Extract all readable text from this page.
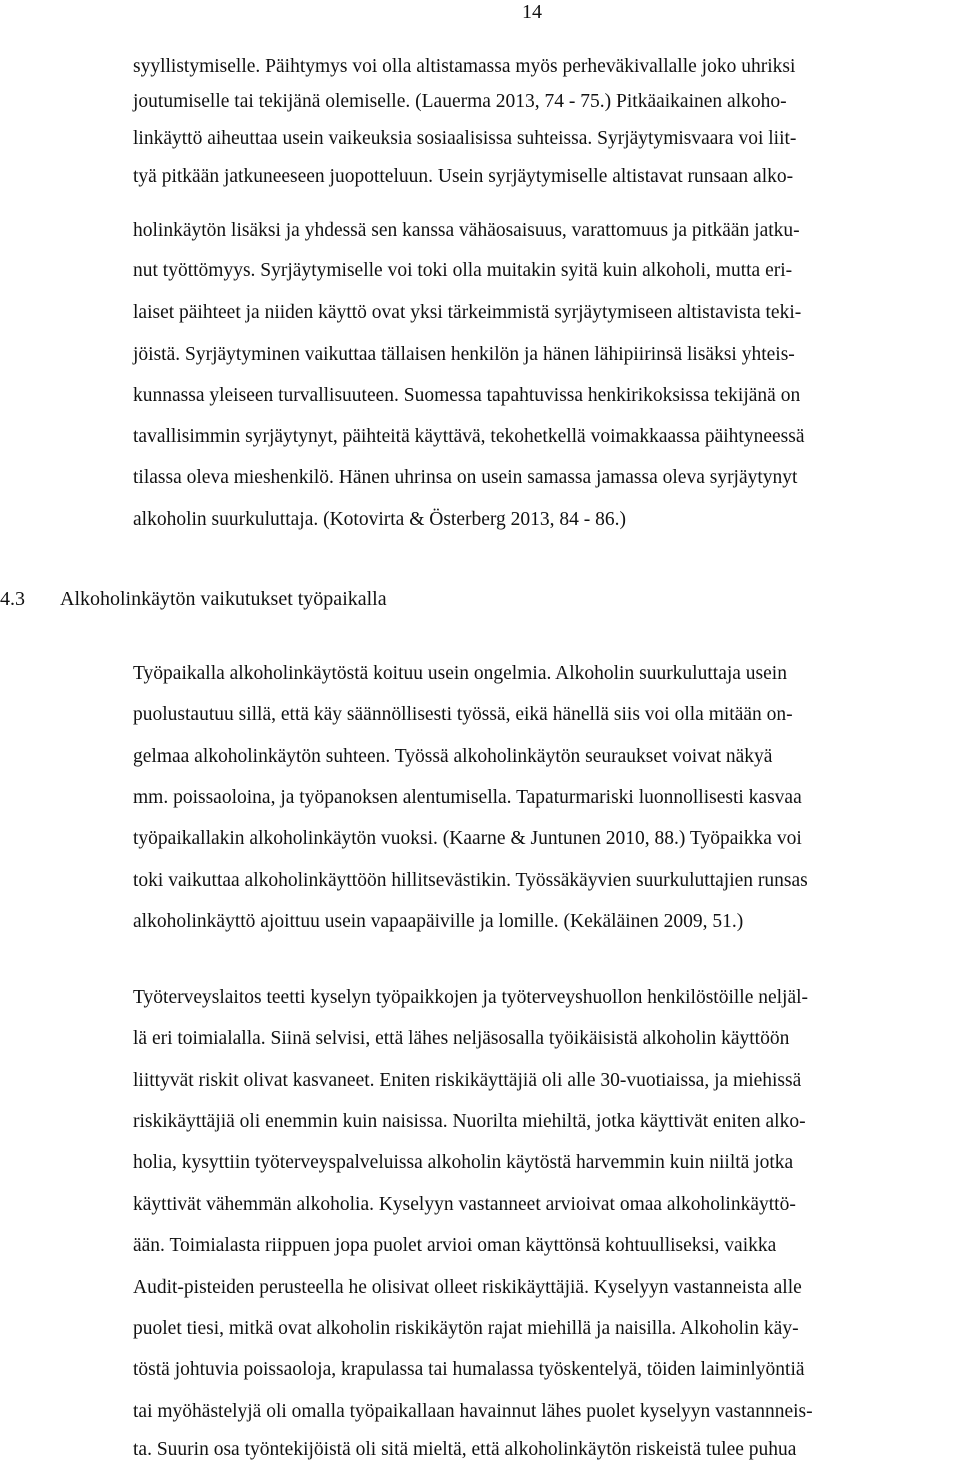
14

syyllistymiselle. Päihtymys voi olla altistamassa myös perheväkivallalle joko uhriksi

joutumiselle tai tekijänä olemiselle. (Lauerma 2013, 74 - 75.) Pitkäaikainen alkoho-

linkäyttö aiheuttaa usein vaikeuksia sosiaalisissa suhteissa. Syrjäytymisvaara voi liit-

tyä pitkään jatkuneeseen juopotteluun. Usein syrjäytymiselle altistavat runsaan alko-

holinkäytön lisäksi ja yhdessä sen kanssa vähäosaisuus, varattomuus ja pitkään jatku-

nut työttömyys. Syrjäytymiselle voi toki olla muitakin syitä kuin alkoholi, mutta eri-

laiset päihteet ja niiden käyttö ovat yksi tärkeimmistä syrjäytymiseen altistavista teki-

jöistä. Syrjäytyminen vaikuttaa tällaisen henkilön ja hänen lähipiirinsä lisäksi yhteis-

kunnassa yleiseen turvallisuuteen. Suomessa tapahtuvissa henkirikoksissa tekijänä on

tavallisimmin syrjäytynyt, päihteitä käyttävä, tekohetkellä voimakkaassa päihtyneessä

tilassa oleva mieshenkilö. Hänen uhrinsa on usein samassa jamassa oleva syrjäytynyt

alkoholin suurkuluttaja. (Kotovirta & Österberg 2013, 84 - 86.)

4.3 Alkoholinkäytön vaikutukset työpaikalla

Työpaikalla alkoholinkäytöstä koituu usein ongelmia. Alkoholin suurkuluttaja usein

puolustautuu sillä, että käy säännöllisesti työssä, eikä hänellä siis voi olla mitään on-

gelmaa alkoholinkäytön suhteen. Työssä alkoholinkäytön seuraukset voivat näkyä

mm. poissaoloina, ja työpanoksen alentumisella. Tapaturmariski luonnollisesti kasvaa

työpaikallakin alkoholinkäytön vuoksi. (Kaarne & Juntunen 2010, 88.) Työpaikka voi

toki vaikuttaa alkoholinkäyttöön hillitsevästikin. Työssäkäyvien suurkuluttajien runsas

alkoholinkäyttö ajoittuu usein vapaapäiville ja lomille. (Kekäläinen 2009, 51.)

Työterveyslaitos teetti kyselyn työpaikkojen ja työterveyshuollon henkilöstöille neljäl-

lä eri toimialalla. Siinä selvisi, että lähes neljäsosalla työikäisistä alkoholin käyttöön

liittyvät riskit olivat kasvaneet. Eniten riskikäyttäjiä oli alle 30-vuotiaissa, ja miehissä

riskikäyttäjiä oli enemmin kuin naisissa. Nuorilta miehiltä, jotka käyttivät eniten alko-

holia, kysyttiin työterveyspalveluissa alkoholin käytöstä harvemmin kuin niiltä jotka

käyttivät vähemmän alkoholia. Kyselyyn vastanneet arvioivat omaa alkoholinkäyttö-

ään. Toimialasta riippuen jopa puolet arvioi oman käyttönsä kohtuulliseksi, vaikka

Audit-pisteiden perusteella he olisivat olleet riskikäyttäjiä. Kyselyyn vastanneista alle

puolet tiesi, mitkä ovat alkoholin riskikäytön rajat miehillä ja naisilla. Alkoholin käy-

töstä johtuvia poissaoloja, krapulassa tai humalassa työskentelyä, töiden laiminlyöntiä

tai myöhästelyjä oli omalla työpaikallaan havainnut lähes puolet kyselyyn vastannneis-

ta. Suurin osa työntekijöistä oli sitä mieltä, että alkoholinkäytön riskeistä tulee puhua
